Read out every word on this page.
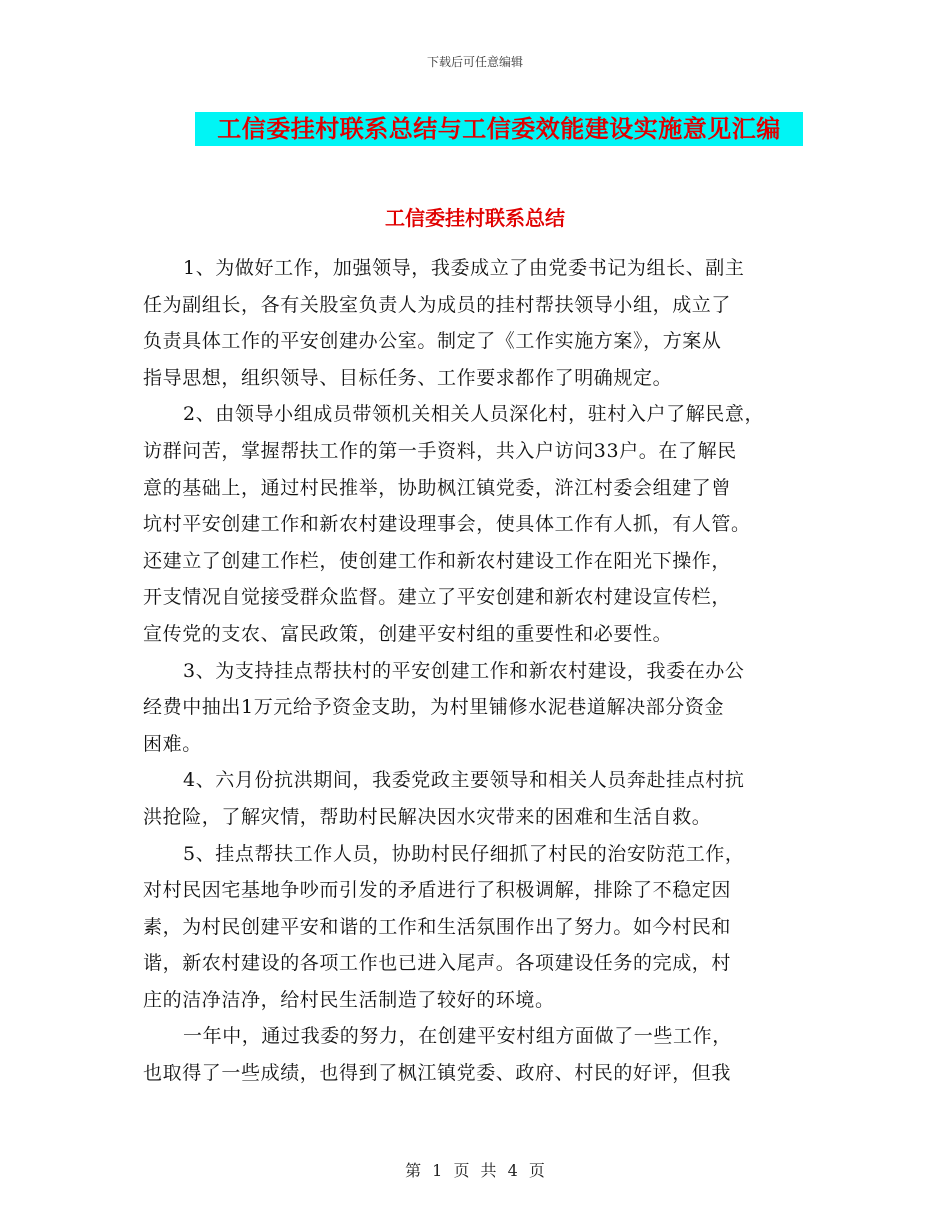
下载后可任意编辑
工信委挂村联系总结与工信委效能建设实施意见汇编
工信委挂村联系总结
1、为做好工作，加强领导，我委成立了由党委书记为组长、副主
任为副组长，各有关股室负责人为成员的挂村帮扶领导小组，成立了
负责具体工作的平安创建办公室。制定了《工作实施方案》，方案从
指导思想，组织领导、目标任务、工作要求都作了明确规定。
2、由领导小组成员带领机关相关人员深化村，驻村入户了解民意，
访群问苦，掌握帮扶工作的第一手资料，共入户访问33户。在了解民
意的基础上，通过村民推举，协助枫江镇党委，浒江村委会组建了曾
坑村平安创建工作和新农村建设理事会，使具体工作有人抓，有人管。
还建立了创建工作栏，使创建工作和新农村建设工作在阳光下操作，
开支情况自觉接受群众监督。建立了平安创建和新农村建设宣传栏，
宣传党的支农、富民政策，创建平安村组的重要性和必要性。
3、为支持挂点帮扶村的平安创建工作和新农村建设，我委在办公
经费中抽出1万元给予资金支助，为村里铺修水泥巷道解决部分资金
困难。
4、六月份抗洪期间，我委党政主要领导和相关人员奔赴挂点村抗
洪抢险，了解灾情，帮助村民解决因水灾带来的困难和生活自救。
5、挂点帮扶工作人员，协助村民仔细抓了村民的治安防范工作，
对村民因宅基地争吵而引发的矛盾进行了积极调解，排除了不稳定因
素，为村民创建平安和谐的工作和生活氛围作出了努力。如今村民和
谐，新农村建设的各项工作也已进入尾声。各项建设任务的完成，村
庄的洁净洁净，给村民生活制造了较好的环境。
一年中，通过我委的努力，在创建平安村组方面做了一些工作，
也取得了一些成绩，也得到了枫江镇党委、政府、村民的好评，但我
第 1 页 共 4 页
